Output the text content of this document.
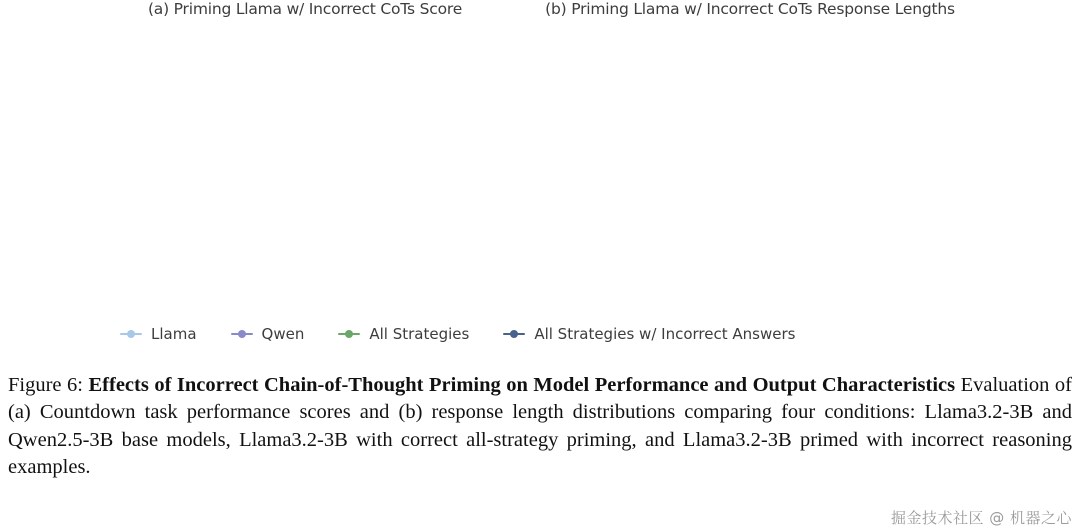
(a) Priming Llama w/ Incorrect CoTs Score	(b) Priming Llama w/ Incorrect CoTs Response Lengths
Llama	Qwen	All Strategies	All Strategies w/ Incorrect Answers
Figure 6: Effects of Incorrect Chain-of-Thought Priming on Model Performance and Output Characteristics Evaluation of (a) Countdown task performance scores and (b) response length distributions comparing four conditions: Llama3.2-3B and Qwen2.5-3B base models, Llama3.2-3B with correct all-strategy priming, and Llama3.2-3B primed with incorrect reasoning examples.
掘金技术社区 @ 机器之心
